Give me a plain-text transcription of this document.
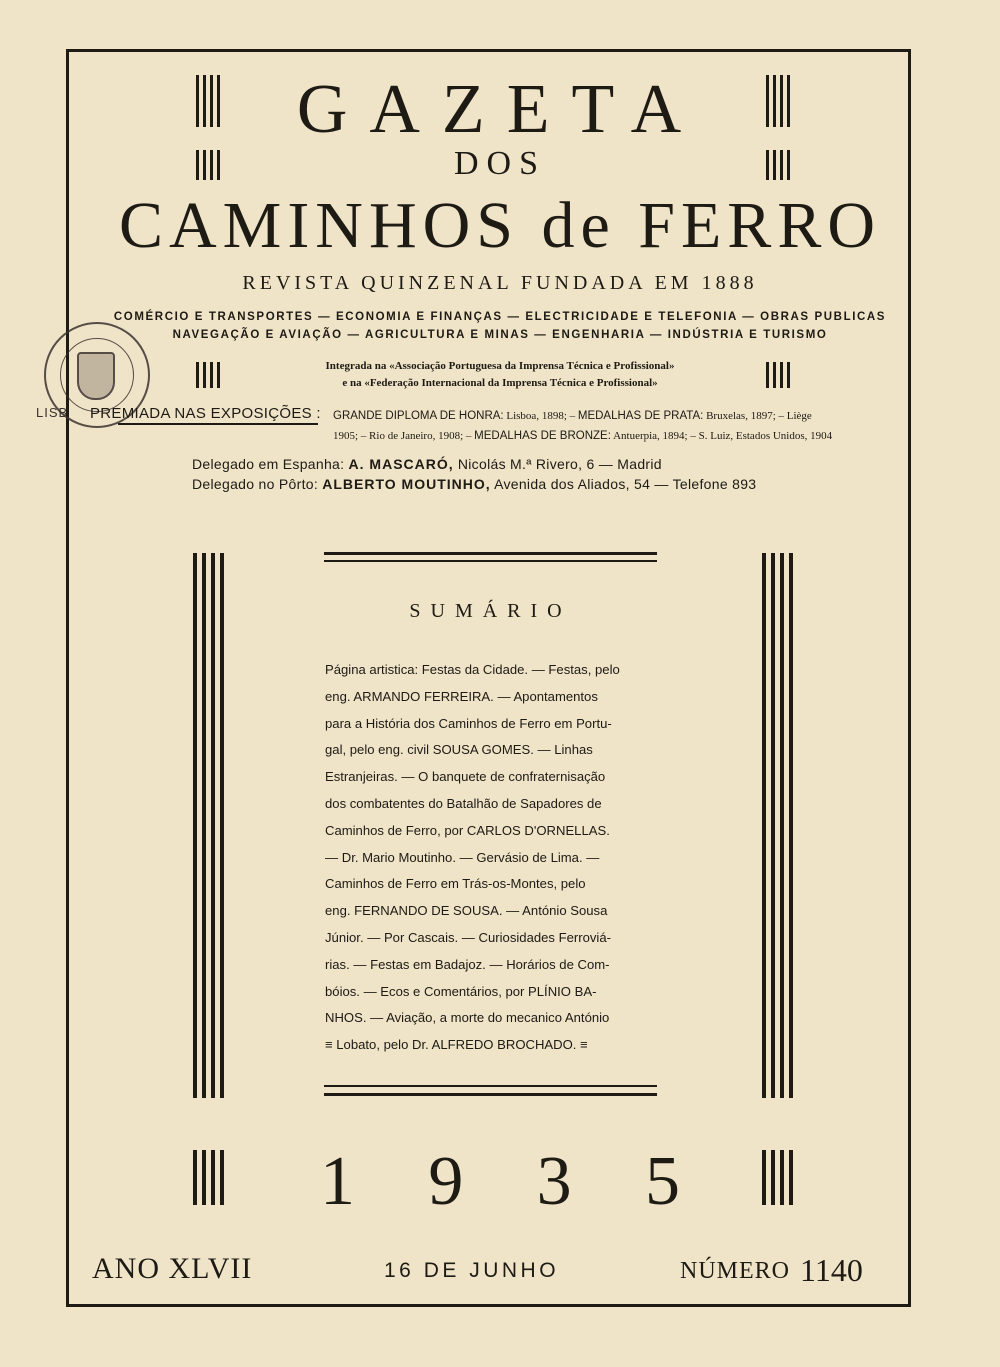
GAZETA
DOS
CAMINHOS de FERRO
REVISTA QUINZENAL FUNDADA EM 1888
COMÉRCIO E TRANSPORTES — ECONOMIA E FINANÇAS — ELECTRICIDADE E TELEFONIA — OBRAS PUBLICAS
NAVEGAÇÃO E AVIAÇÃO — AGRICULTURA E MINAS — ENGENHARIA — INDÚSTRIA E TURISMO
Integrada na «Associação Portuguesa da Imprensa Técnica e Profissional»
e na «Federação Internacional da Imprensa Técnica e Profissional»
LISB PREMIADA NAS EXPOSIÇÕES : GRANDE DIPLOMA DE HONRA: Lisboa, 1898; – MEDALHAS DE PRATA: Bruxelas, 1897; – Liège
1905; – Rio de Janeiro, 1908; – MEDALHAS DE BRONZE: Antuerpia, 1894; – S. Luiz, Estados Unidos, 1904
Delegado em Espanha: A. MASCARÓ, Nicolás M.ª Rivero, 6 — Madrid
Delegado no Pôrto: ALBERTO MOUTINHO, Avenida dos Aliados, 54 — Telefone 893
SUMÁRIO
Página artistica: Festas da Cidade. — Festas, pelo
eng. ARMANDO FERREIRA. — Apontamentos
para a História dos Caminhos de Ferro em Portu-
gal, pelo eng. civil SOUSA GOMES. — Linhas
Estranjeiras. — O banquete de confraternisação
dos combatentes do Batalhão de Sapadores de
Caminhos de Ferro, por CARLOS D'ORNELLAS.
— Dr. Mario Moutinho. — Gervásio de Lima. —
Caminhos de Ferro em Trás-os-Montes, pelo
eng. FERNANDO DE SOUSA. — António Sousa
Júnior. — Por Cascais. — Curiosidades Ferroviá-
rias. — Festas em Badajoz. — Horários de Com-
bóios. — Ecos e Comentários, por PLÍNIO BA-
NHOS. — Aviação, a morte do mecanico António
≡ Lobato, pelo Dr. ALFREDO BROCHADO. ≡
1 9 3 5
ANO XLVII	16 DE JUNHO	NÚMERO 1140
